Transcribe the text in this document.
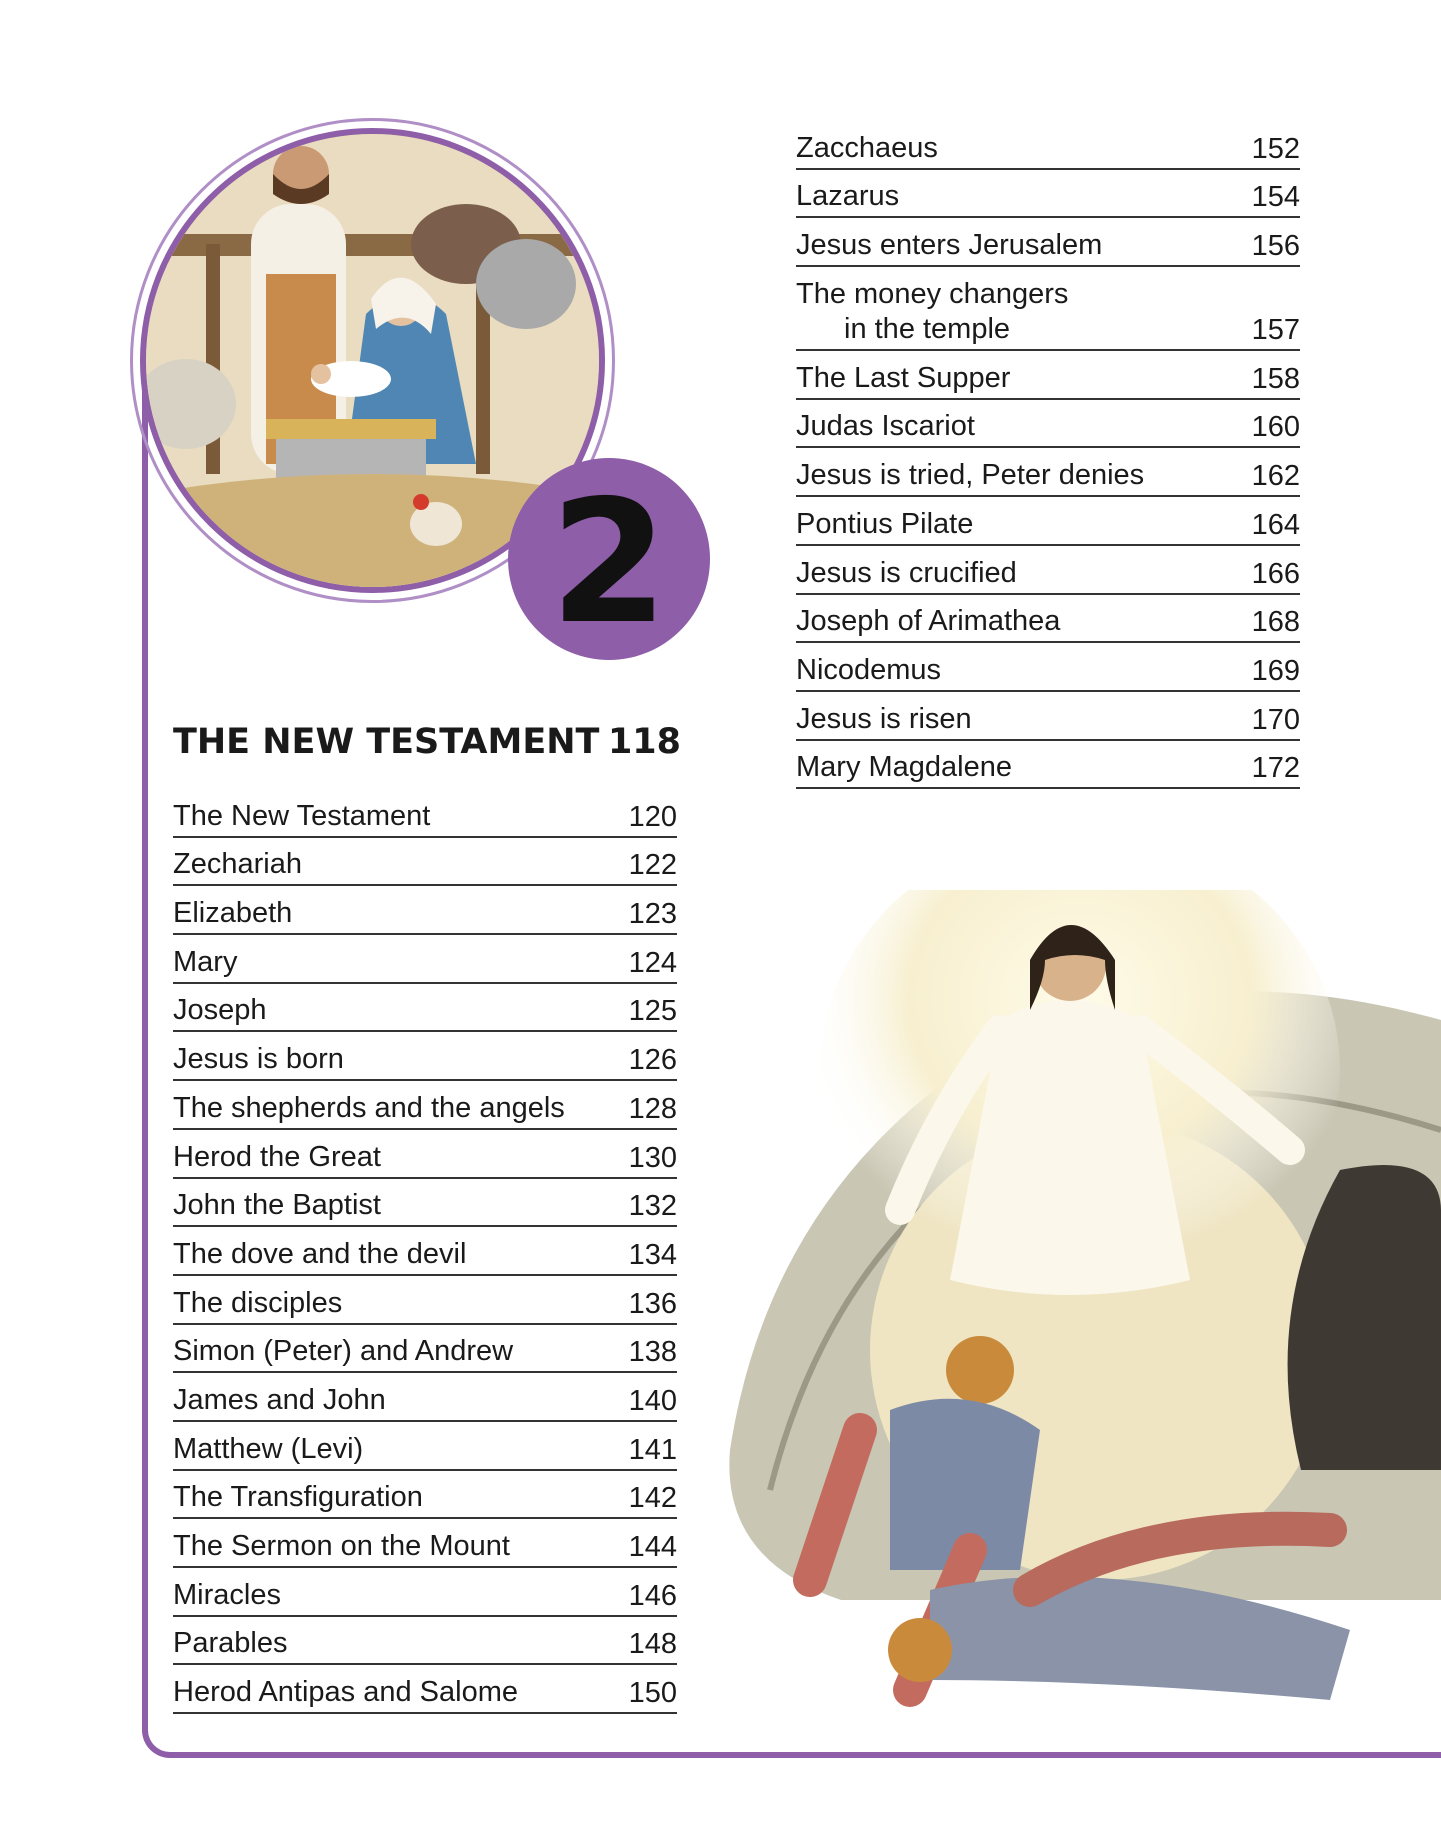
2
THE NEW TESTAMENT 118
The New Testament	120
Zechariah	122
Elizabeth	123
Mary	124
Joseph	125
Jesus is born	126
The shepherds and the angels 128
Herod the Great	130
John the Baptist	132
The dove and the devil	134
The disciples	136
Simon (Peter) and Andrew	138
James and John	140
Matthew (Levi)	141
The Transfiguration	142
The Sermon on the Mount	144
Miracles	146
Parables	148
Herod Antipas and Salome	150
Zacchaeus	152
Lazarus	154
Jesus enters Jerusalem	156
The money changers
in the temple	157
The Last Supper	158
Judas Iscariot	160
Jesus is tried, Peter denies	162
Pontius Pilate	164
Jesus is crucified	166
Joseph of Arimathea	168
Nicodemus	169
Jesus is risen	170
Mary Magdalene	172
